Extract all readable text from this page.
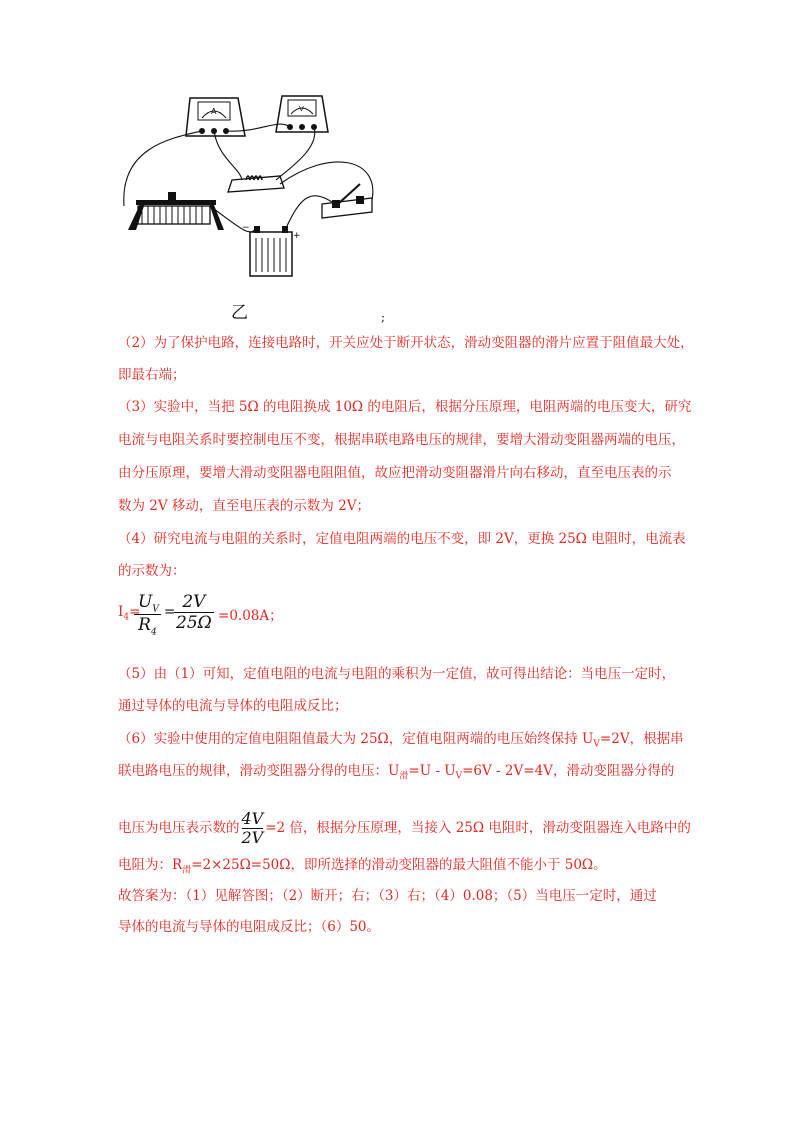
A	V
−
+
乙	;
（2）为了保护电路，连接电路时，开关应处于断开状态，滑动变阻器的滑片应置于阻值最大处，
即最右端；
（3）实验中，当把 5Ω 的电阻换成 10Ω 的电阻后，根据分压原理，电阻两端的电压变大，研究
电流与电阻关系时要控制电压不变，根据串联电路电压的规律，要增大滑动变阻器两端的电压，
由分压原理，要增大滑动变阻器电阻阻值，故应把滑动变阻器滑片向右移动，直至电压表的示
数为 2V 移动，直至电压表的示数为 2V；
（4）研究电流与电阻的关系时，定值电阻两端的电压不变，即 2V，更换 25Ω 电阻时，电流表
的示数为：
$I_4=$
$U_V$
$R_4$
= 2V
25Ω =0.08A；
（5）由（1）可知，定值电阻的电流与电阻的乘积为一定值，故可得出结论：当电压一定时，
通过导体的电流与导体的电阻成反比；
（6）实验中使用的定值电阻阻值最大为 25Ω，定值电阻两端的电压始终保持 $U_V=2V$，根据串
联电路电压的规律，滑动变阻器分得的电压：$U_滑=U - U_V=6V - 2V=4V$，滑动变阻器分得的
电压为电压表示数的 $\frac{4V}{2V} =2$ 倍，根据分压原理，当接入 25Ω 电阻时，滑动变阻器连入电路中的
电阻为：$R_滑=2\times 25\Omega=50\Omega$，即所选择的滑动变阻器的最大阻值不能小于 50Ω。
故答案为：（1）见解答图；（2）断开；右；（3）右；（4）0.08；（5）当电压一定时，通过
导体的电流与导体的电阻成反比；（6）50。
